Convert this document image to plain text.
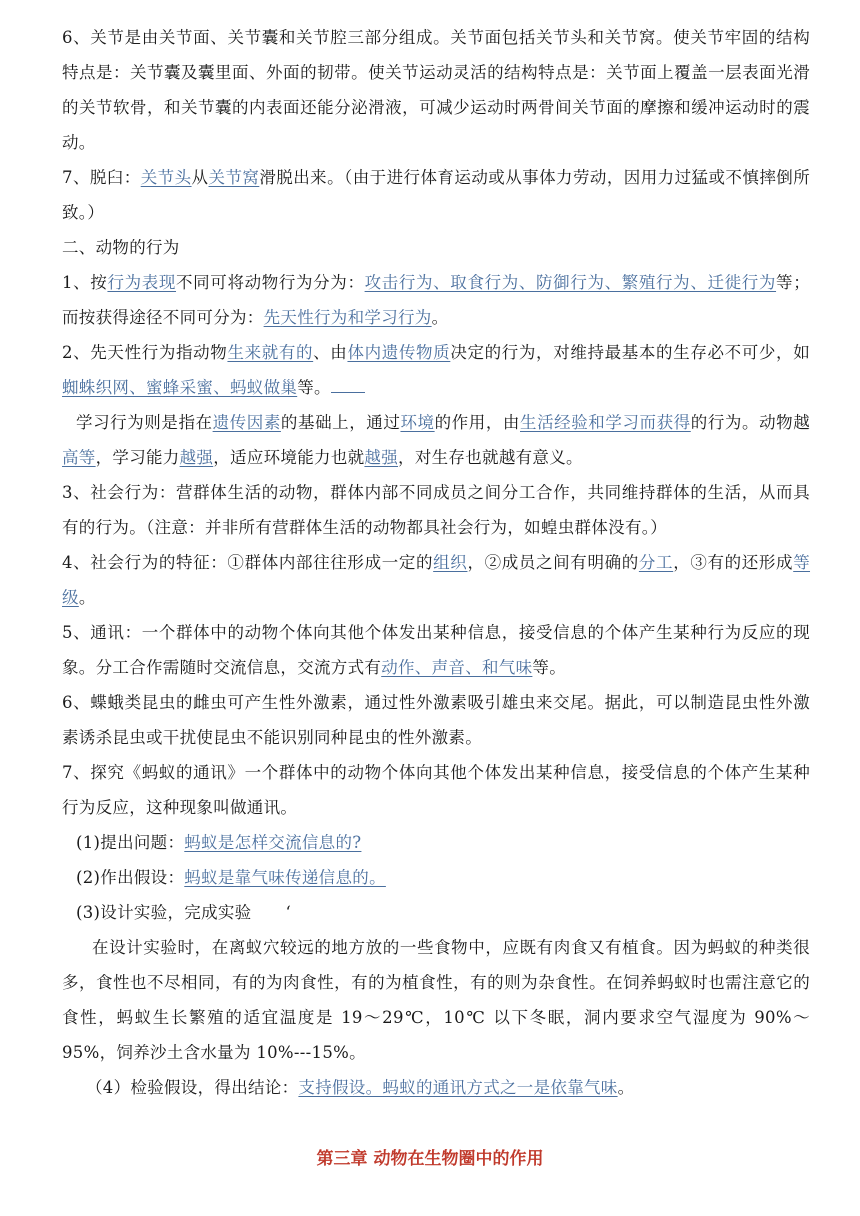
6、关节是由关节面、关节囊和关节腔三部分组成。关节面包括关节头和关节窝。使关节牢固的结构特点是：关节囊及囊里面、外面的韧带。使关节运动灵活的结构特点是：关节面上覆盖一层表面光滑的关节软骨，和关节囊的内表面还能分泌滑液，可减少运动时两骨间关节面的摩擦和缓冲运动时的震动。

7、脱臼：关节头从关节窝滑脱出来。（由于进行体育运动或从事体力劳动，因用力过猛或不慎摔倒所致。）

二、动物的行为

1、按行为表现不同可将动物行为分为：攻击行为、取食行为、防御行为、繁殖行为、迁徙行为等；而按获得途径不同可分为：先天性行为和学习行为。

2、先天性行为指动物生来就有的、由体内遗传物质决定的行为，对维持最基本的生存必不可少，如蜘蛛织网、蜜蜂采蜜、蚂蚁做巢等。

学习行为则是指在遗传因素的基础上，通过环境的作用，由生活经验和学习而获得的行为。动物越高等，学习能力越强，适应环境能力也就越强，对生存也就越有意义。

3、社会行为：营群体生活的动物，群体内部不同成员之间分工合作，共同维持群体的生活，从而具有的行为。（注意：并非所有营群体生活的动物都具社会行为，如蝗虫群体没有。）

4、社会行为的特征：①群体内部往往形成一定的组织，②成员之间有明确的分工，③有的还形成等级。

5、通讯：一个群体中的动物个体向其他个体发出某种信息，接受信息的个体产生某种行为反应的现象。分工合作需随时交流信息，交流方式有动作、声音、和气味等。

6、蝶蛾类昆虫的雌虫可产生性外激素，通过性外激素吸引雄虫来交尾。据此，可以制造昆虫性外激素诱杀昆虫或干扰使昆虫不能识别同种昆虫的性外激素。

7、探究《蚂蚁的通讯》一个群体中的动物个体向其他个体发出某种信息，接受信息的个体产生某种行为反应，这种现象叫做通讯。

(1)提出问题：蚂蚁是怎样交流信息的?

(2)作出假设：蚂蚁是靠气味传递信息的。

(3)设计实验，完成实验 ‘

在设计实验时，在离蚁穴较远的地方放的一些食物中，应既有肉食又有植食。因为蚂蚁的种类很多，食性也不尽相同，有的为肉食性，有的为植食性，有的则为杂食性。在饲养蚂蚁时也需注意它的食性，蚂蚁生长繁殖的适宜温度是 19～29℃，10℃ 以下冬眠，洞内要求空气湿度为 90%～95%，饲养沙土含水量为 10%---15%。

（4）检验假设，得出结论：支持假设。蚂蚁的通讯方式之一是依靠气味。

第三章 动物在生物圈中的作用
